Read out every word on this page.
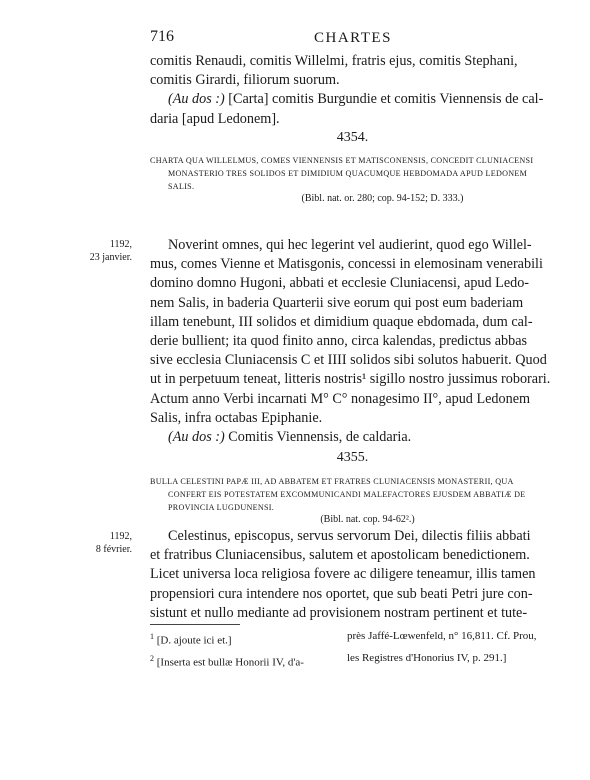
716	CHARTES

comitis Renaudi, comitis Willelmi, fratris ejus, comitis Stephani,

comitis Girardi, filiorum suorum.

(Au dos :) [Carta] comitis Burgundie et comitis Viennensis de cal-

daria [apud Ledonem].

4354.

CHARTA QUA WILLELMUS, COMES VIENNENSIS ET MATISCONENSIS, CONCEDIT CLUNIACENSI

MONASTERIO TRES SOLIDOS ET DIMIDIUM QUACUMQUE HEBDOMADA APUD LEDONEM

SALIS.

(Bibl. nat. or. 280; cop. 94-152; D. 333.)
1192,
23 janvier.

Noverint omnes, qui hec legerint vel audierint, quod ego Willel-

mus, comes Vienne et Matisgonis, concessi in elemosinam venerabili

domino domno Hugoni, abbati et ecclesie Cluniacensi, apud Ledo-

nem Salis, in baderia Quarterii sive eorum qui post eum baderiam

illam tenebunt, III solidos et dimidium quaque ebdomada, dum cal-

derie bullient; ita quod finito anno, circa kalendas, predictus abbas

sive ecclesia Cluniacensis C et IIII solidos sibi solutos habuerit. Quod

ut in perpetuum teneat, litteris nostris¹ sigillo nostro jussimus roborari.

Actum anno Verbi incarnati M° C° nonagesimo II°, apud Ledonem

Salis, infra octabas Epiphanie.

(Au dos :) Comitis Viennensis, de caldaria.

4355.

BULLA CELESTINI PAPÆ III, AD ABBATEM ET FRATRES CLUNIACENSIS MONASTERII, QUA

CONFERT EIS POTESTATEM EXCOMMUNICANDI MALEFACTORES EJUSDEM ABBATIÆ DE

PROVINCIA LUGDUNENSI.

(Bibl. nat. cop. 94-62².)
1192,
8 février.

Celestinus, episcopus, servus servorum Dei, dilectis filiis abbati

et fratribus Cluniacensibus, salutem et apostolicam benedictionem.

Licet universa loca religiosa fovere ac diligere teneamur, illis tamen

propensiori cura intendere nos oportet, que sub beati Petri jure con-

sistunt et nullo mediante ad provisionem nostram pertinent et tute-

$^1$ [D. ajoute ici et.]	près Jaffé-Lœwenfeld, n° 16,811. Cf. Prou,
$^2$ [Inserta est bullæ Honorii IV, d'a-	les Registres d'Honorius IV, p. 291.]
